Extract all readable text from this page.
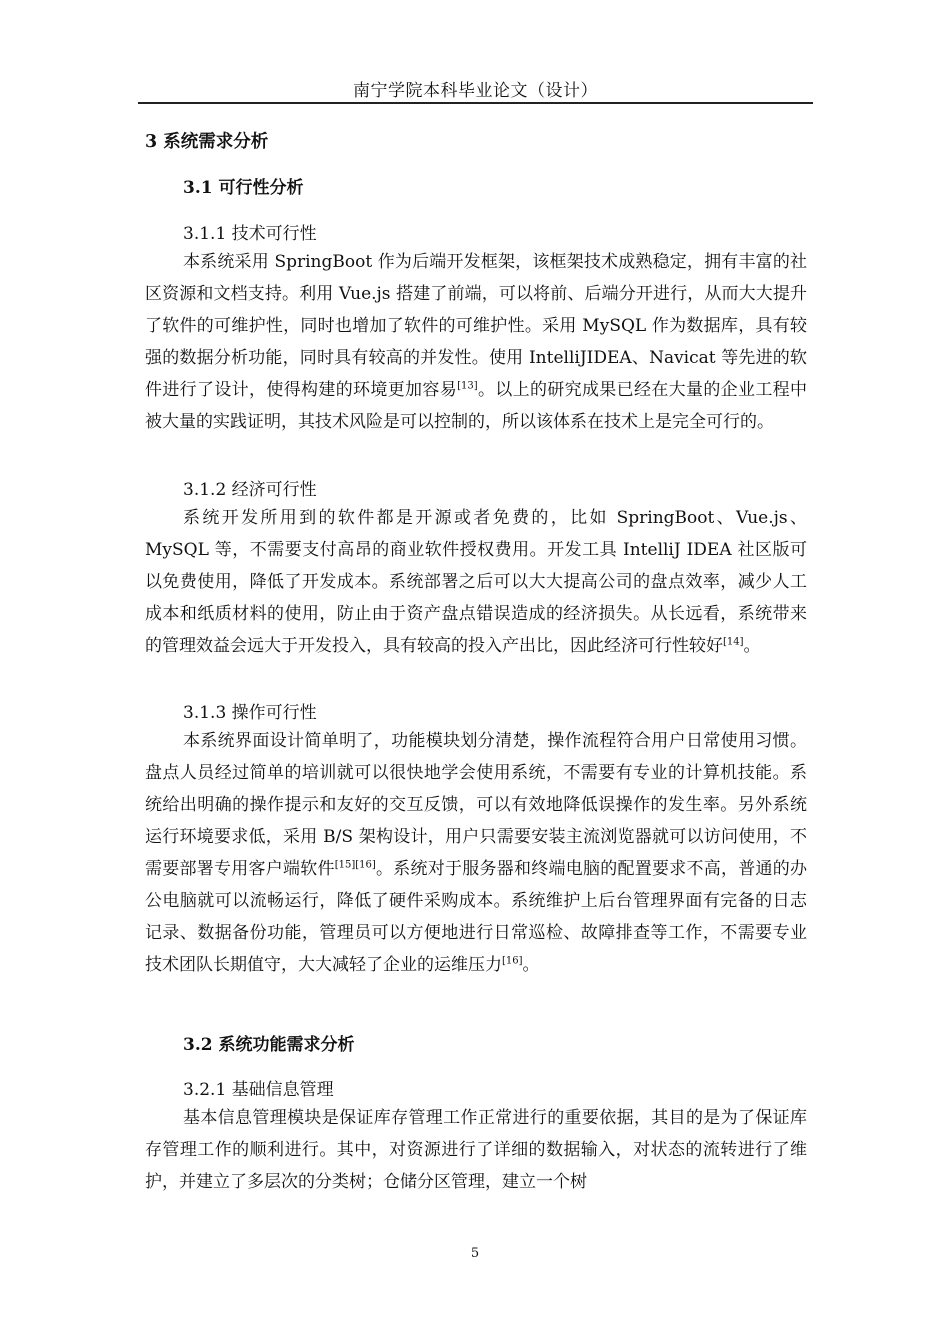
南宁学院本科毕业论文（设计）
3 系统需求分析
3.1 可行性分析
3.1.1 技术可行性
本系统采用 SpringBoot 作为后端开发框架，该框架技术成熟稳定，拥有丰富的社区资源和文档支持。利用 Vue.js 搭建了前端，可以将前、后端分开进行，从而大大提升了软件的可维护性，同时也增加了软件的可维护性。采用 MySQL 作为数据库，具有较强的数据分析功能，同时具有较高的并发性。使用 IntelliJIDEA、Navicat 等先进的软件进行了设计，使得构建的环境更加容易[13]。以上的研究成果已经在大量的企业工程中被大量的实践证明，其技术风险是可以控制的，所以该体系在技术上是完全可行的。
3.1.2 经济可行性
系统开发所用到的软件都是开源或者免费的，比如 SpringBoot、Vue.js、MySQL 等，不需要支付高昂的商业软件授权费用。开发工具 IntelliJ IDEA 社区版可以免费使用，降低了开发成本。系统部署之后可以大大提高公司的盘点效率，减少人工成本和纸质材料的使用，防止由于资产盘点错误造成的经济损失。从长远看，系统带来的管理效益会远大于开发投入，具有较高的投入产出比，因此经济可行性较好[14]。
3.1.3 操作可行性
本系统界面设计简单明了，功能模块划分清楚，操作流程符合用户日常使用习惯。盘点人员经过简单的培训就可以很快地学会使用系统，不需要有专业的计算机技能。系统给出明确的操作提示和友好的交互反馈，可以有效地降低误操作的发生率。另外系统运行环境要求低，采用 B/S 架构设计，用户只需要安装主流浏览器就可以访问使用，不需要部署专用客户端软件[15][16]。系统对于服务器和终端电脑的配置要求不高，普通的办公电脑就可以流畅运行，降低了硬件采购成本。系统维护上后台管理界面有完备的日志记录、数据备份功能，管理员可以方便地进行日常巡检、故障排查等工作，不需要专业技术团队长期值守，大大减轻了企业的运维压力[16]。
3.2 系统功能需求分析
3.2.1 基础信息管理
基本信息管理模块是保证库存管理工作正常进行的重要依据，其目的是为了保证库存管理工作的顺利进行。其中，对资源进行了详细的数据输入，对状态的流转进行了维护，并建立了多层次的分类树；仓储分区管理，建立一个树
5
